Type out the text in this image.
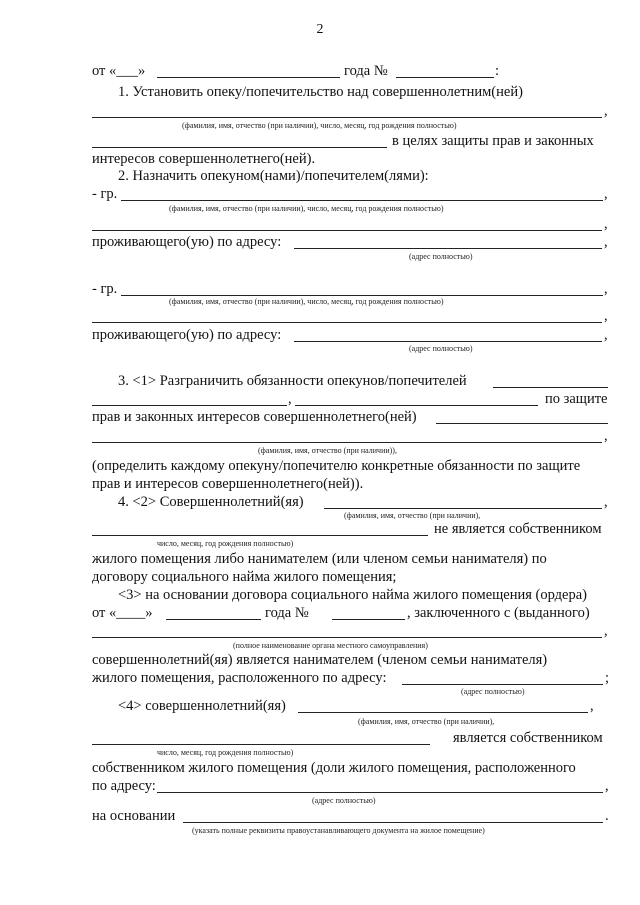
2
от «___»	года №	:
1. Установить опеку/попечительство над совершеннолетним(ней)
,
(фамилия, имя, отчество (при наличии), число, месяц, год рождения полностью)
в целях защиты прав и законных
интересов совершеннолетнего(ней).
2. Назначить опекуном(нами)/попечителем(лями):
- гр.	,
(фамилия, имя, отчество (при наличии), число, месяц, год рождения полностью)
,
проживающего(ую) по адресу:	,
(адрес полностью)
- гр.	,
(фамилия, имя, отчество (при наличии), число, месяц, год рождения полностью)
,
проживающего(ую) по адресу:	,
(адрес полностью)
3. <1> Разграничить обязанности опекунов/попечителей
,	по защите
прав и законных интересов совершеннолетнего(ней)
,
(фамилия, имя, отчество (при наличии)),
(определить каждому опекуну/попечителю конкретные обязанности по защите
прав и интересов совершеннолетнего(ней)).
4. <2> Совершеннолетний(яя)	,
(фамилия, имя, отчество (при наличии),
не является собственником
число, месяц, год рождения полностью)
жилого помещения либо нанимателем (или членом семьи нанимателя) по
договору социального найма жилого помещения;
<3> на основании договора социального найма жилого помещения (ордера)
от «____»	года №	, заключенного с (выданного)
,
(полное наименование органа местного самоуправления)
совершеннолетний(яя) является нанимателем (членом семьи нанимателя)
жилого помещения, расположенного по адресу:	;
(адрес полностью)
<4> совершеннолетний(яя)	,
(фамилия, имя, отчество (при наличии),
является собственником
число, месяц, год рождения полностью)
собственником жилого помещения (доли жилого помещения, расположенного
по адресу:	,
(адрес полностью)
на основании	.
(указать полные реквизиты правоустанавливающего документа на жилое помещение)
